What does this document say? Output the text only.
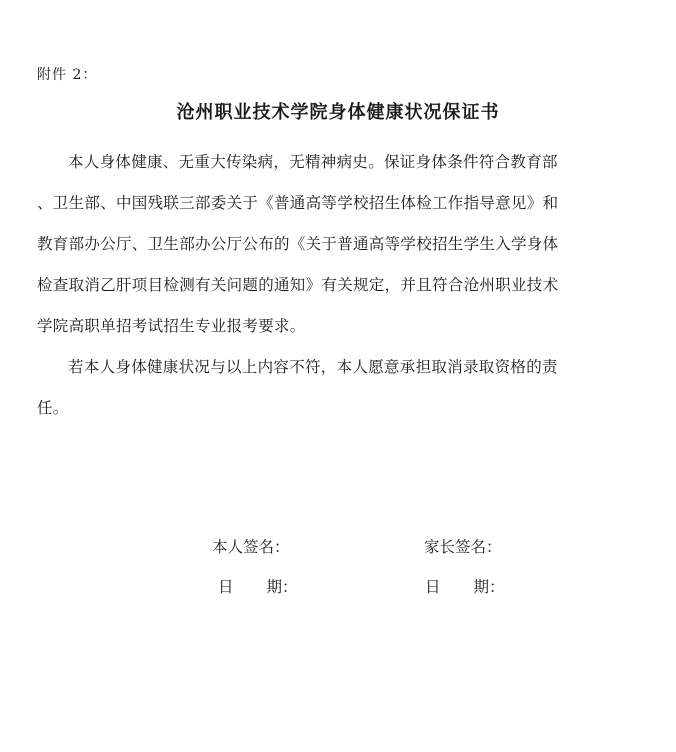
附件 2：
沧州职业技术学院身体健康状况保证书
本人身体健康、无重大传染病，无精神病史。保证身体条件符合教育部
、卫生部、中国残联三部委关于《普通高等学校招生体检工作指导意见》和
教育部办公厅、卫生部办公厅公布的《关于普通高等学校招生学生入学身体
检查取消乙肝项目检测有关问题的通知》有关规定，并且符合沧州职业技术
学院高职单招考试招生专业报考要求。
若本人身体健康状况与以上内容不符，本人愿意承担取消录取资格的责
任。
本人签名：	家长签名：
日 期：	日 期：
